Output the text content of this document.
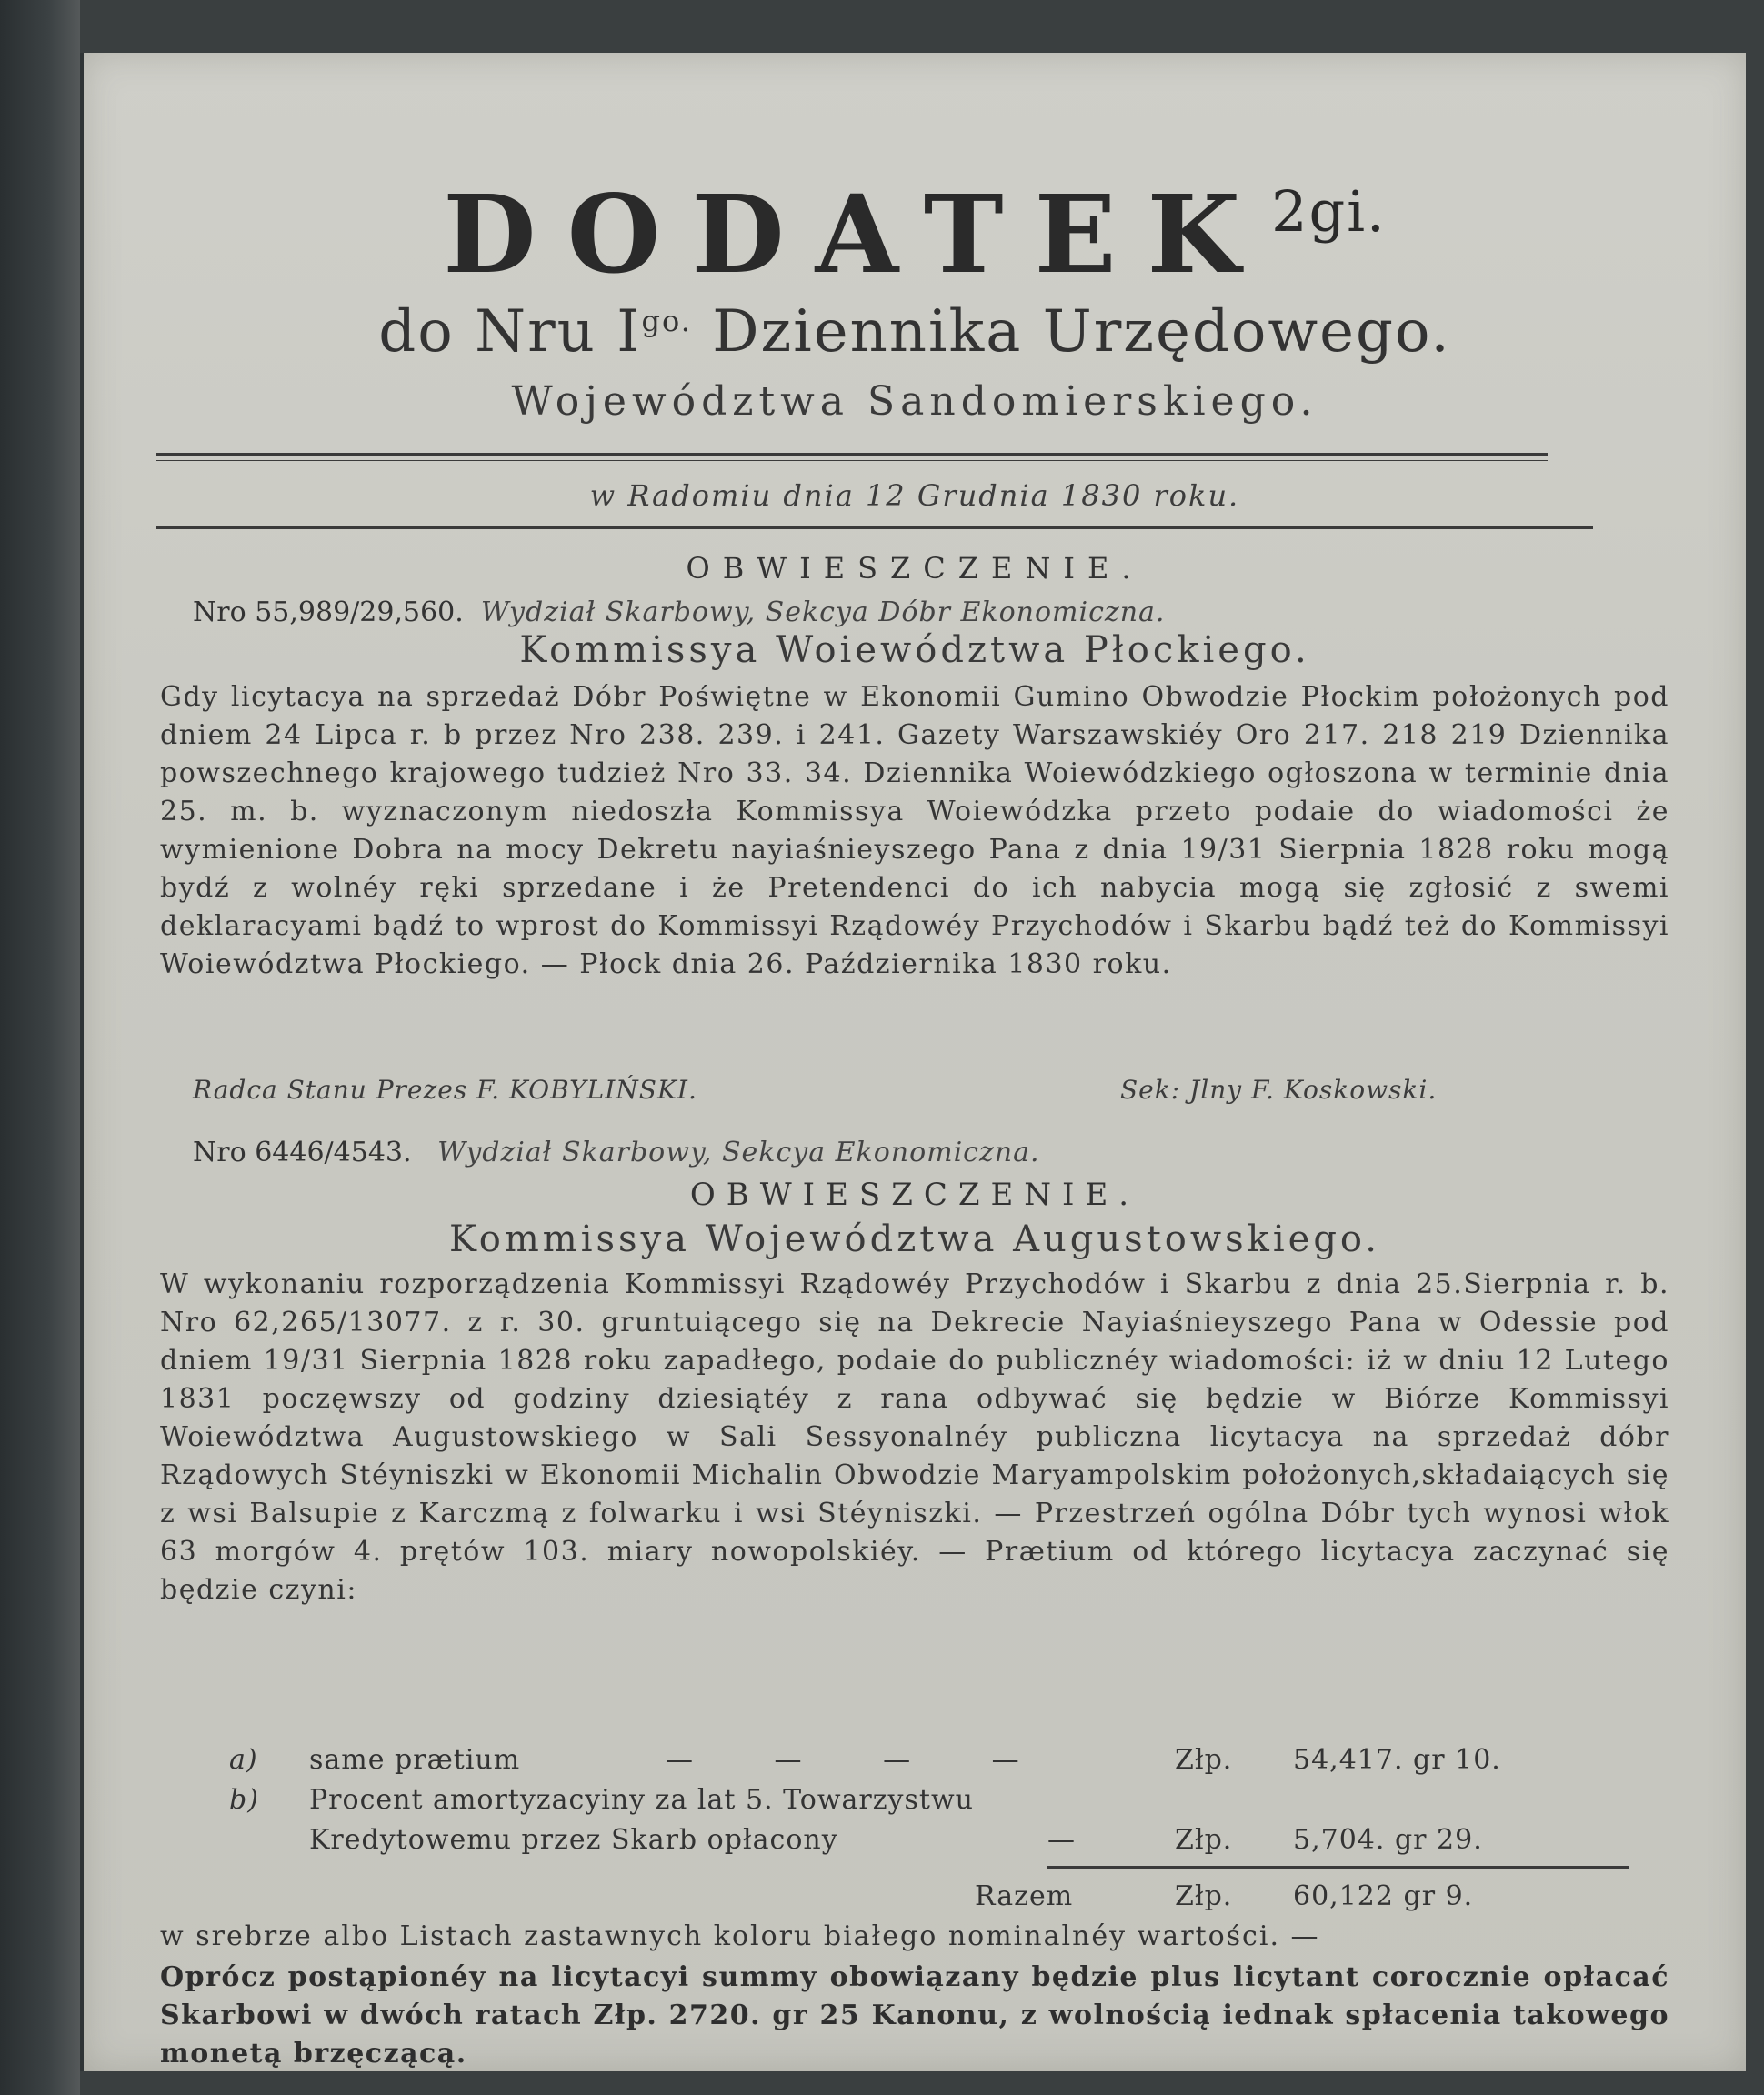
$DODATEK^{2gi.}$
do Nru $I^{go.}$ Dziennika Urzędowego.
Województwa Sandomierskiego.
w Radomiu dnia 12 Grudnia 1830 roku.
OBWIESZCZENIE.
Nro 55,989/29,560. Wydział Skarbowy, Sekcya Dóbr Ekonomiczna.
Kommissya Woiewództwa Płockiego.
Gdy licytacya na sprzedaż Dóbr Poświętne w Ekonomii Gumino Obwodzie Płockim położonych pod dniem 24 Lipca r. b przez Nro 238. 239. i 241. Gazety Warszawskiéy Oro 217. 218 219 Dziennika powszechnego krajowego tudzież Nro 33. 34. Dziennika Woiewódzkiego ogłoszona w terminie dnia 25. m. b. wyznaczonym niedoszła Kommissya Woiewódzka przeto podaie do wiadomości że wymienione Dobra na mocy Dekretu nayiaśnieyszego Pana z dnia 19/31 Sierpnia 1828 roku mogą bydź z wolnéy ręki sprzedane i że Pretendenci do ich nabycia mogą się zgłosić z swemi deklaracyami bądź to wprost do Kommissyi Rządowéy Przychodów i Skarbu bądź też do Kommissyi Woiewództwa Płockiego. — Płock dnia 26. Października 1830 roku.
Radca Stanu Prezes F. KOBYLIŃSKI.	Sek: Jlny F. Koskowski.
Nro 6446/4543. Wydział Skarbowy, Sekcya Ekonomiczna.
OBWIESZCZENIE.
Kommissya Województwa Augustowskiego.
W wykonaniu rozporządzenia Kommissyi Rządowéy Przychodów i Skarbu z dnia 25.Sierpnia r. b. Nro 62,265/13077. z r. 30. gruntuiącego się na Dekrecie Nayiaśnieyszego Pana w Odessie pod dniem 19/31 Sierpnia 1828 roku zapadłego, podaie do publicznéy wiadomości: iż w dniu 12 Lutego 1831 poczęwszy od godziny dziesiątéy z rana odbywać się będzie w Biórze Kommissyi Woiewództwa Augustowskiego w Sali Sessyonalnéy publiczna licytacya na sprzedaż dóbr Rządowych Stéyniszki w Ekonomii Michalin Obwodzie Maryampolskim położonych,składaiących się z wsi Balsupie z Karczmą z folwarku i wsi Stéyniszki. — Przestrzeń ogólna Dóbr tych wynosi włok 63 morgów 4. prętów 103. miary nowopolskiéy. — Prætium od którego licytacya zaczynać się będzie czyni:
a) same prætium	— — — —	Złp. 54,417. gr 10.
b) Procent amortyzacyiny za lat 5. Towarzystwu
Kredytowemu przez Skarb opłacony	—	Złp. 5,704. gr 29.
Razem	Złp. 60,122 gr 9.
w srebrze albo Listach zastawnych koloru białego nominalnéy wartości. —
Oprócz postąpionéy na licytacyi summy obowiązany będzie plus licytant corocznie opłacać Skarbowi w dwóch ratach Złp. 2720. gr 25 Kanonu, z wolnością iednak spłacenia takowego monetą brzęczącą.
